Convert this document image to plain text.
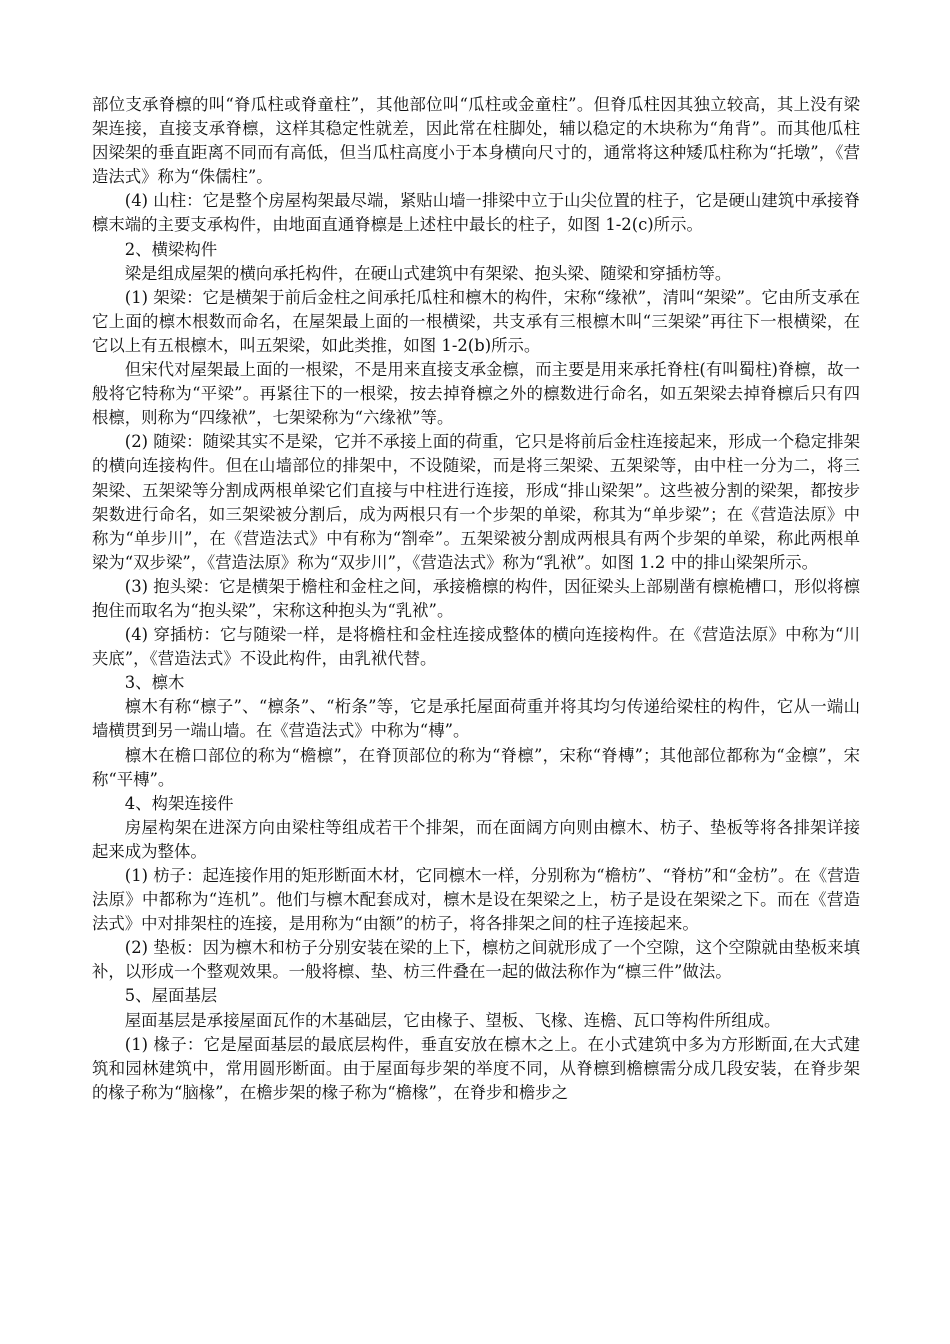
部位支承脊檩的叫“脊瓜柱或脊童柱”，其他部位叫“瓜柱或金童柱”。但脊瓜柱因其独立较高，其上没有梁架连接，直接支承脊檩，这样其稳定性就差，因此常在柱脚处，辅以稳定的木块称为“角背”。而其他瓜柱因梁架的垂直距离不同而有高低，但当瓜柱高度小于本身横向尺寸的，通常将这种矮瓜柱称为“托墩”，《营造法式》称为“侏儒柱”。

(4) 山柱：它是整个房屋构架最尽端，紧贴山墙一排梁中立于山尖位置的柱子，它是硬山建筑中承接脊檩末端的主要支承构件，由地面直通脊檩是上述柱中最长的柱子，如图 1-2(c)所示。

2、横梁构件

梁是组成屋架的横向承托构件，在硬山式建筑中有架梁、抱头梁、随梁和穿插枋等。

(1) 架梁：它是横架于前后金柱之间承托瓜柱和檩木的构件，宋称“缘袱”，清叫“架梁”。它由所支承在它上面的檩木根数而命名，在屋架最上面的一根横梁，共支承有三根檩木叫“三架梁”再往下一根横梁，在它以上有五根檩木，叫五架梁，如此类推，如图 1-2(b)所示。

但宋代对屋架最上面的一根梁，不是用来直接支承金檩，而主要是用来承托脊柱(有叫蜀柱)脊檩，故一般将它特称为“平梁”。再紧往下的一根梁，按去掉脊檩之外的檩数进行命名，如五架梁去掉脊檩后只有四根檩，则称为“四缘袱”，七架梁称为“六缘袱”等。

(2) 随梁：随梁其实不是梁，它并不承接上面的荷重，它只是将前后金柱连接起来，形成一个稳定排架的横向连接构件。但在山墙部位的排架中，不设随梁，而是将三架梁、五架梁等，由中柱一分为二，将三架梁、五架梁等分割成两根单梁它们直接与中柱进行连接，形成“排山梁架”。这些被分割的梁架，都按步架数进行命名，如三架梁被分割后，成为两根只有一个步架的单梁，称其为“单步梁”；在《营造法原》中称为“单步川”，在《营造法式》中有称为“劄牵”。五架梁被分割成两根具有两个步架的单梁，称此两根单梁为“双步梁”，《营造法原》称为“双步川”，《营造法式》称为“乳袱”。如图 1.2 中的排山梁架所示。

(3) 抱头梁：它是横架于檐柱和金柱之间，承接檐檩的构件，因征梁头上部剔凿有檩桅槽口，形似将檩抱住而取名为“抱头梁”，宋称这种抱头为“乳袱”。

(4) 穿插枋：它与随梁一样，是将檐柱和金柱连接成整体的横向连接构件。在《营造法原》中称为“川夹底”，《营造法式》不设此构件，由乳袱代替。

3、檩木

檩木有称“檩子”、“檩条”、“桁条”等，它是承托屋面荷重并将其均匀传递给梁柱的构件，它从一端山墙横贯到另一端山墙。在《营造法式》中称为“槫”。

檩木在檐口部位的称为“檐檩”，在脊顶部位的称为“脊檩”，宋称“脊槫”；其他部位都称为“金檩”，宋称“平槫”。

4、构架连接件

房屋构架在进深方向由梁柱等组成若干个排架，而在面阔方向则由檩木、枋子、垫板等将各排架详接起来成为整体。

(1) 枋子：起连接作用的矩形断面木材，它同檩木一样，分别称为“檐枋”、“脊枋”和“金枋”。在《营造法原》中都称为“连机”。他们与檩木配套成对，檩木是设在架梁之上，枋子是设在架梁之下。而在《营造法式》中对排架柱的连接，是用称为“由额”的枋子，将各排架之间的柱子连接起来。

(2) 垫板：因为檩木和枋子分别安装在梁的上下，檩枋之间就形成了一个空隙，这个空隙就由垫板来填补，以形成一个整观效果。一般将檩、垫、枋三件叠在一起的做法称作为“檩三件”做法。

5、屋面基层

屋面基层是承接屋面瓦作的木基础层，它由椽子、望板、飞椽、连檐、瓦口等构件所组成。

(1) 椽子：它是屋面基层的最底层构件，垂直安放在檩木之上。在小式建筑中多为方形断面,在大式建筑和园林建筑中，常用圆形断面。由于屋面每步架的举度不同，从脊檩到檐檩需分成几段安装，在脊步架的椽子称为“脑椽”，在檐步架的椽子称为“檐椽”，在脊步和檐步之
